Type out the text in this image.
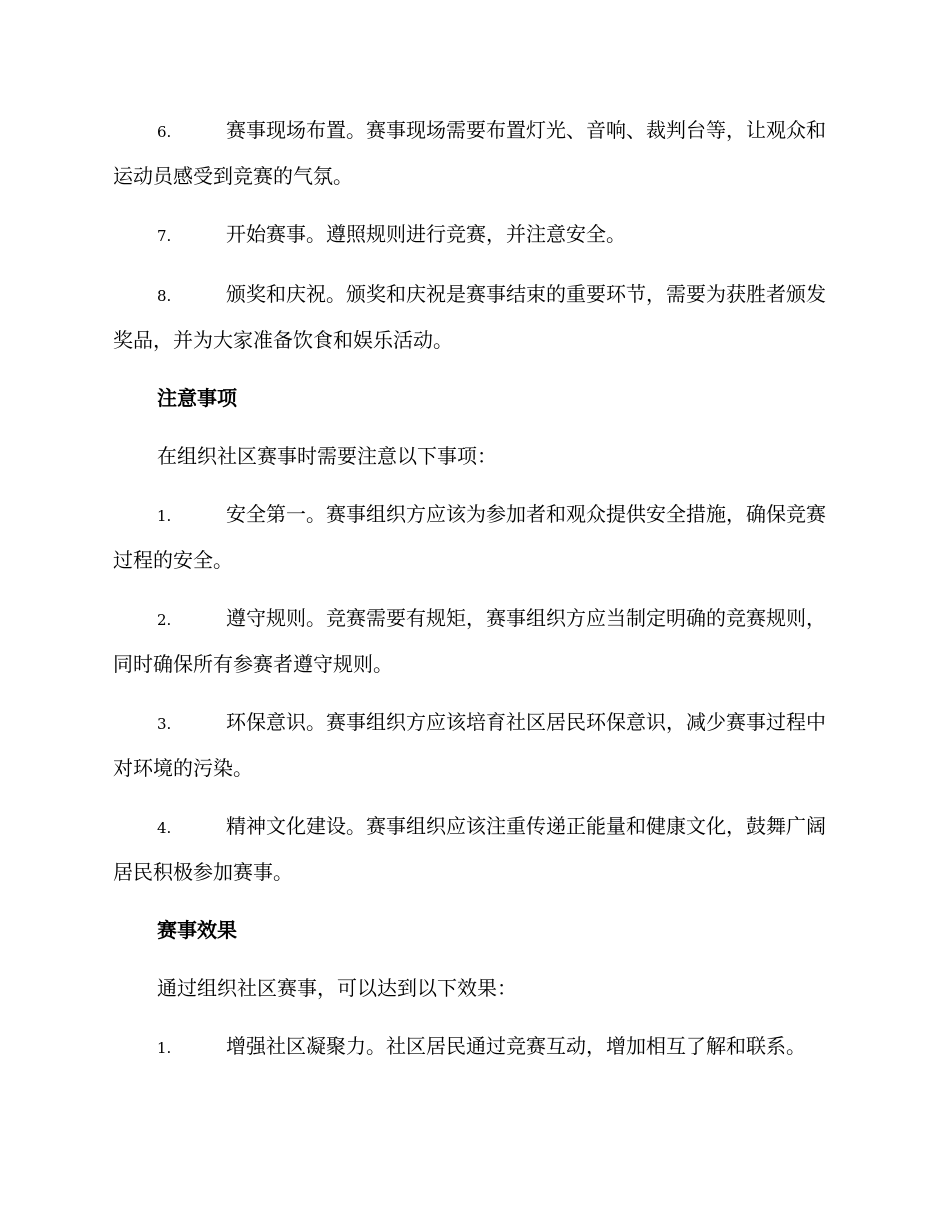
6.	赛事现场布置。赛事现场需要布置灯光、音响、裁判台等，让观众和运动员感受到竞赛的气氛。

7.	开始赛事。遵照规则进行竞赛，并注意安全。

8.	颁奖和庆祝。颁奖和庆祝是赛事结束的重要环节，需要为获胜者颁发奖品，并为大家准备饮食和娱乐活动。

注意事项

在组织社区赛事时需要注意以下事项：

1.	安全第一。赛事组织方应该为参加者和观众提供安全措施，确保竞赛过程的安全。

2.	遵守规则。竞赛需要有规矩，赛事组织方应当制定明确的竞赛规则，同时确保所有参赛者遵守规则。

3.	环保意识。赛事组织方应该培育社区居民环保意识，减少赛事过程中对环境的污染。

4.	精神文化建设。赛事组织应该注重传递正能量和健康文化，鼓舞广阔居民积极参加赛事。

赛事效果

通过组织社区赛事，可以达到以下效果：

1.	增强社区凝聚力。社区居民通过竞赛互动，增加相互了解和联系。
